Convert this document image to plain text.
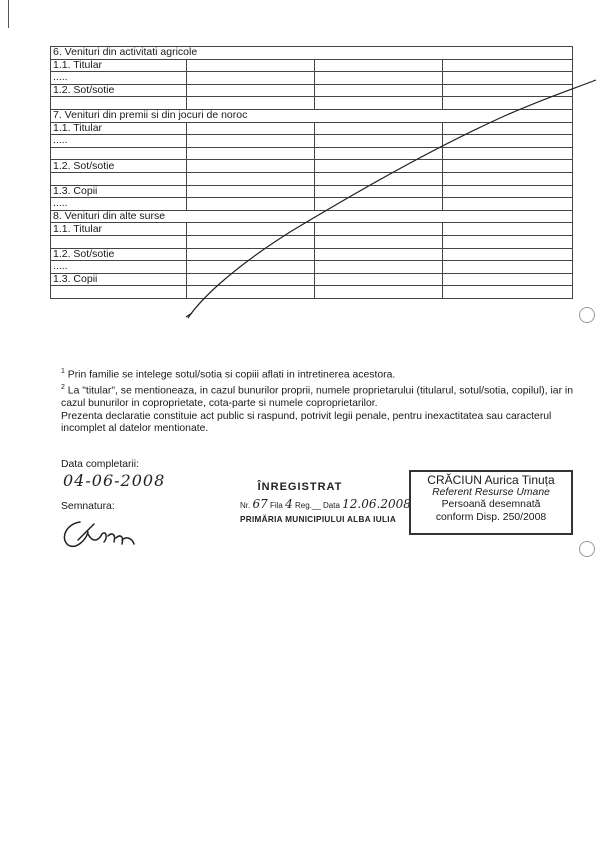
6. Venituri din activitati agricole			
1.1. Titular			
.....			
1.2. Sot/sotie			

7. Venituri din premii si din jocuri de noroc			
1.1. Titular			
.....			

1.2. Sot/sotie			

1.3. Copii			
.....			
8. Venituri din alte surse			
1.1. Titular			

1.2. Sot/sotie			
.....			
1.3. Copii			

$^1$ Prin familie se intelege sotul/sotia si copiii aflati in intretinerea acestora.

$^2$ La "titular", se mentioneaza, in cazul bunurilor proprii, numele proprietarului (titularul, sotul/sotia, copilul), iar in cazul bunurilor in coproprietate, cota-parte si numele coproprietarilor.

Prezenta declaratie constituie act public si raspund, potrivit legii penale, pentru inexactitatea sau caracterul incomplet al datelor mentionate.

Data completarii:
04-06-2008
Semnatura:
ÎNREGISTRAT
Nr. 67 Fila 4 Reg.__ Data 12.06.2008
PRIMĂRIA MUNICIPIULUI ALBA IULIA
CRĂCIUN Aurica Tinuța
Referent Resurse Umane
Persoană desemnată
conform Disp. 250/2008
